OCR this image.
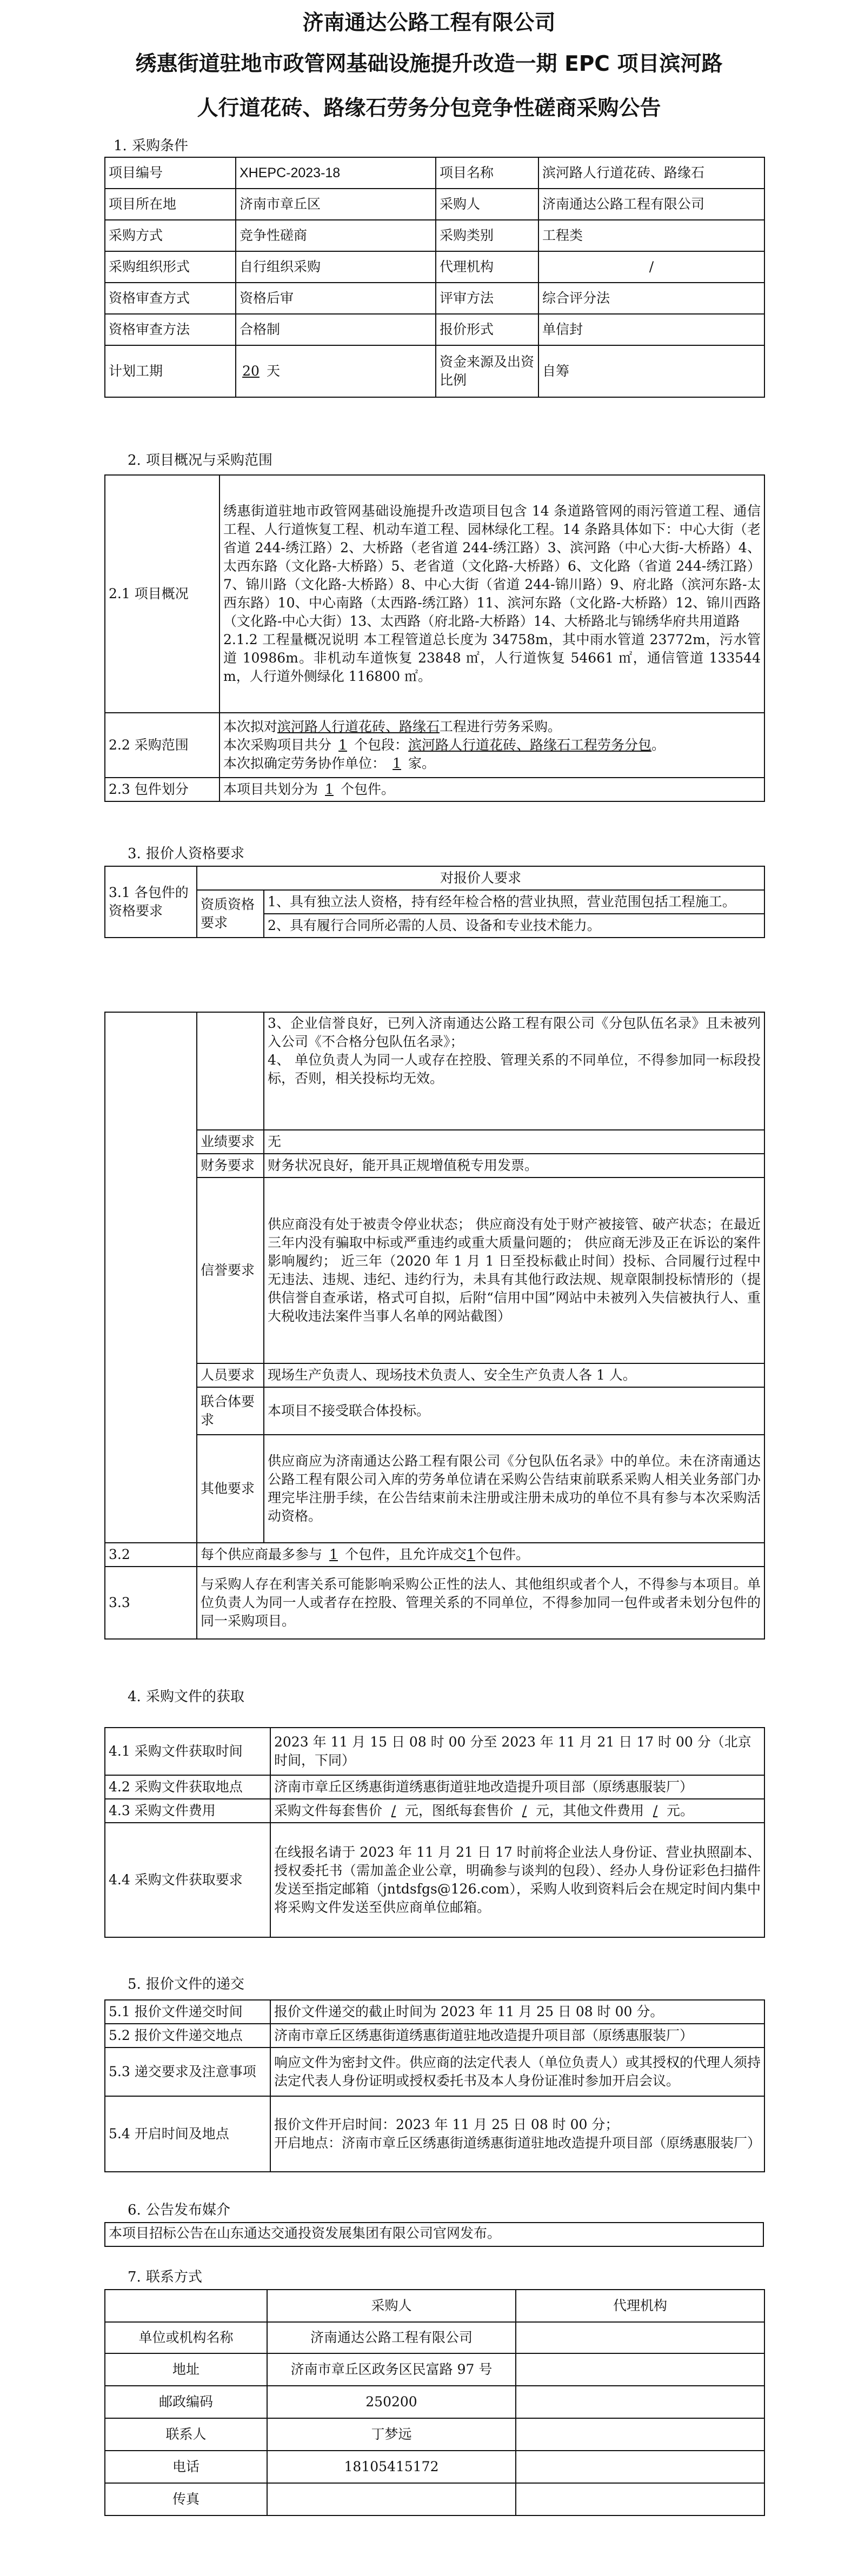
济南通达公路工程有限公司
绣惠街道驻地市政管网基础设施提升改造一期 EPC 项目滨河路
人行道花砖、路缘石劳务分包竞争性磋商采购公告
1. 采购条件
项目编号	XHEPC-2023-18	项目名称	滨河路人行道花砖、路缘石
项目所在地	济南市章丘区	采购人	济南通达公路工程有限公司
采购方式	竞争性磋商	采购类别	工程类
采购组织形式	自行组织采购	代理机构	/
资格审查方式	资格后审	评审方法	综合评分法
资格审查方法	合格制	报价形式	单信封
计划工期	20 天	资金来源及出资比例	自筹
2. 项目概况与采购范围
2.1 项目概况	绣惠街道驻地市政管网基础设施提升改造项目包含 14 条道路管网的雨污管道工程、通信工程、人行道恢复工程、机动车道工程、园林绿化工程。14 条路具体如下：中心大街（老省道 244-绣江路）2、大桥路（老省道 244-绣江路）3、滨河路（中心大街-大桥路）4、太西东路（文化路-大桥路）5、老省道（文化路-大桥路）6、文化路（省道 244-绣江路）7、锦川路（文化路-大桥路）8、中心大街（省道 244-锦川路）9、府北路（滨河东路-太西东路）10、中心南路（太西路-绣江路）11、滨河东路（文化路-大桥路）12、锦川西路（文化路-中心大街）13、太西路（府北路-大桥路）14、大桥路北与锦绣华府共用道路
2.1.2 工程量概况说明 本工程管道总长度为 34758m，其中雨水管道 23772m，污水管道 10986m。非机动车道恢复 23848 ㎡，人行道恢复 54661 ㎡，通信管道 133544m，人行道外侧绿化 116800 ㎡。

2.2 采购范围	本次拟对滨河路人行道花砖、路缘石工程进行劳务采购。
本次采购项目共分 1 个包段：滨河路人行道花砖、路缘石工程劳务分包。
本次拟确定劳务协作单位： 1 家。

2.3 包件划分	本项目共划分为 1 个包件。
3. 报价人资格要求
3.1 各包件的资格要求	对报价人要求	
	资质资格要求	1、具有独立法人资格，持有经年检合格的营业执照，营业范围包括工程施工。
		2、具有履行合同所必需的人员、设备和专业技术能力。
		3、企业信誉良好，已列入济南通达公路工程有限公司《分包队伍名录》且未被列入公司《不合格分包队伍名录》；
4、 单位负责人为同一人或存在控股、管理关系的不同单位，不得参加同一标段投标，否则，相关投标均无效。
	业绩要求	无
	财务要求	财务状况良好，能开具正规增值税专用发票。
	信誉要求	供应商没有处于被责令停业状态； 供应商没有处于财产被接管、破产状态；在最近三年内没有骗取中标或严重违约或重大质量问题的； 供应商无涉及正在诉讼的案件影响履约； 近三年（2020 年 1 月 1 日至投标截止时间）投标、合同履行过程中无违法、违规、违纪、违约行为，未具有其他行政法规、规章限制投标情形的（提供信誉自查承诺，格式可自拟，后附“信用中国”网站中未被列入失信被执行人、重大税收违法案件当事人名单的网站截图）
	人员要求	现场生产负责人、现场技术负责人、安全生产负责人各 1 人。
	联合体要求	本项目不接受联合体投标。
	其他要求	供应商应为济南通达公路工程有限公司《分包队伍名录》中的单位。未在济南通达公路工程有限公司入库的劳务单位请在采购公告结束前联系采购人相关业务部门办理完毕注册手续，在公告结束前未注册或注册未成功的单位不具有参与本次采购活动资格。
3.2	每个供应商最多参与 1 个包件，且允许成交1个包件。	
3.3	与采购人存在利害关系可能影响采购公正性的法人、其他组织或者个人，不得参与本项目。单位负责人为同一人或者存在控股、管理关系的不同单位，不得参加同一包件或者未划分包件的同一采购项目。	
4. 采购文件的获取
4.1 采购文件获取时间	2023 年 11 月 15 日 08 时 00 分至 2023 年 11 月 21 日 17 时 00 分（北京时间，下同）
4.2 采购文件获取地点	济南市章丘区绣惠街道绣惠街道驻地改造提升项目部（原绣惠服装厂）
4.3 采购文件费用	采购文件每套售价 / 元，图纸每套售价 / 元，其他文件费用 / 元。
4.4 采购文件获取要求	在线报名请于 2023 年 11 月 21 日 17 时前将企业法人身份证、营业执照副本、授权委托书（需加盖企业公章，明确参与谈判的包段）、经办人身份证彩色扫描件发送至指定邮箱（jntdsfgs@126.com），采购人收到资料后会在规定时间内集中将采购文件发送至供应商单位邮箱。
5. 报价文件的递交
5.1 报价文件递交时间	报价文件递交的截止时间为 2023 年 11 月 25 日 08 时 00 分。
5.2 报价文件递交地点	济南市章丘区绣惠街道绣惠街道驻地改造提升项目部（原绣惠服装厂）
5.3 递交要求及注意事项	响应文件为密封文件。供应商的法定代表人（单位负责人）或其授权的代理人须持法定代表人身份证明或授权委托书及本人身份证准时参加开启会议。
5.4 开启时间及地点	报价文件开启时间：2023 年 11 月 25 日 08 时 00 分；
开启地点：济南市章丘区绣惠街道绣惠街道驻地改造提升项目部（原绣惠服装厂）
6. 公告发布媒介
本项目招标公告在山东通达交通投资发展集团有限公司官网发布。
7. 联系方式
	采购人	代理机构
单位或机构名称	济南通达公路工程有限公司	
地址	济南市章丘区政务区民富路 97 号	
邮政编码	250200	
联系人	丁梦远	
电话	18105415172	
传真		
